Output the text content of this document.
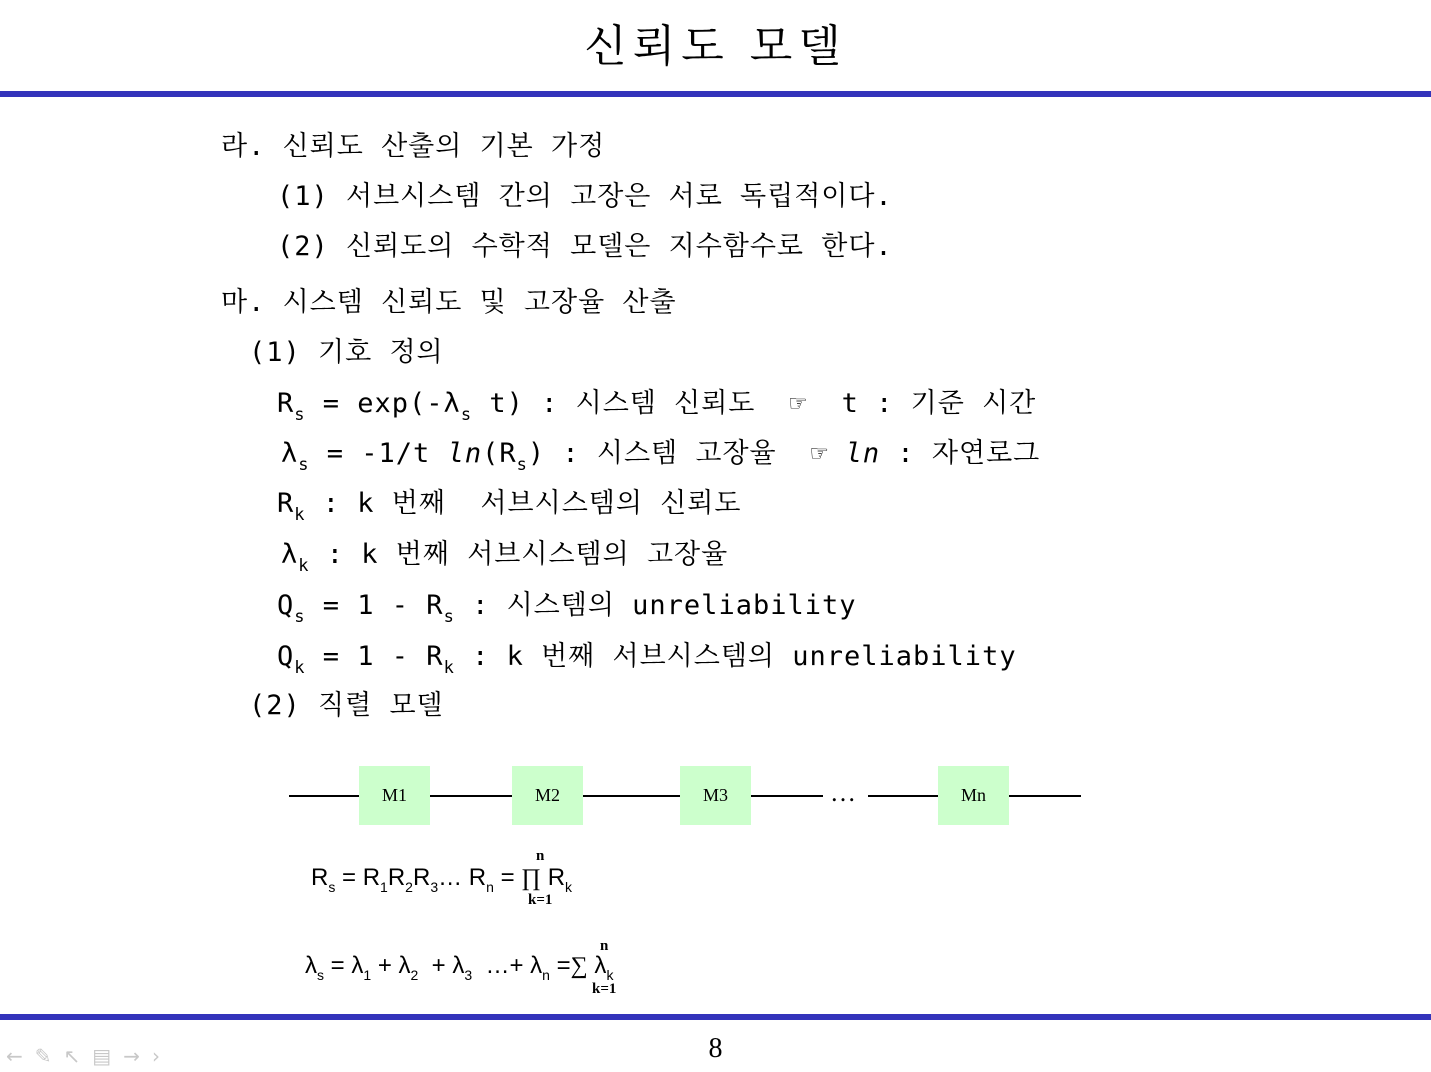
신뢰도 모델
라. 신뢰도 산출의 기본 가정
(1) 서브시스템 간의 고장은 서로 독립적이다.
(2) 신뢰도의 수학적 모델은 지수함수로 한다.
마. 시스템 신뢰도 및 고장율 산출
(1) 기호 정의
$R_s = \exp(-\lambda_s$ t) : 시스템 신뢰도  ☞  t : 기준 시간
$\lambda_s = -1/t$ $\ln(R_s)$ : 시스템 고장율  ☞ ln : 자연로그
$R_k$ : k 번째  서브시스템의 신뢰도
$\lambda_k$ : k 번째 서브시스템의 고장율
$Q_s = 1 - R_s$ : 시스템의 unreliability
$Q_k = 1 - R_k$ : k 번째 서브시스템의 unreliability
(2) 직렬 모델
M1	M2	M3	…	Mn
n
$R_s$ = $R_1R_2R_3\dots$ $R_n$ = ∏ $R_k$
k=1
n
$\lambda_s = \lambda_1 + \lambda_2 + \lambda_3$  …+ $\lambda_n$ =∑ $\lambda_k$
k=1
8
← ✎ ↖ ▤ → ›
